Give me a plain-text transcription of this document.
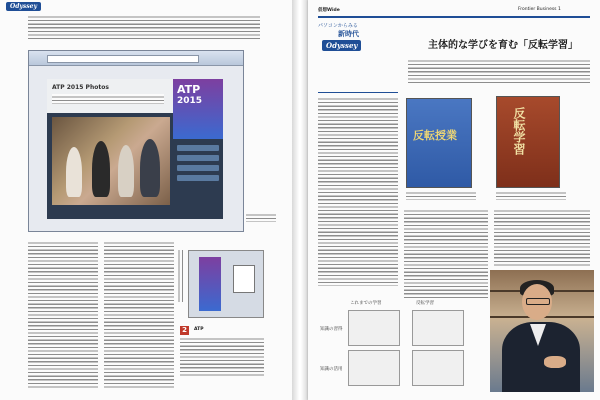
Odyssey
ATP 2015 Photos	ATP
2015
2	ATP
仮想Wide	Frontier Business 1
パソコンからみる
新時代
Odyssey	主体的な学びを育む「反転学習」
反転授業	反転学習
これまでの学習	反転学習
知識の習得
知識の活用
